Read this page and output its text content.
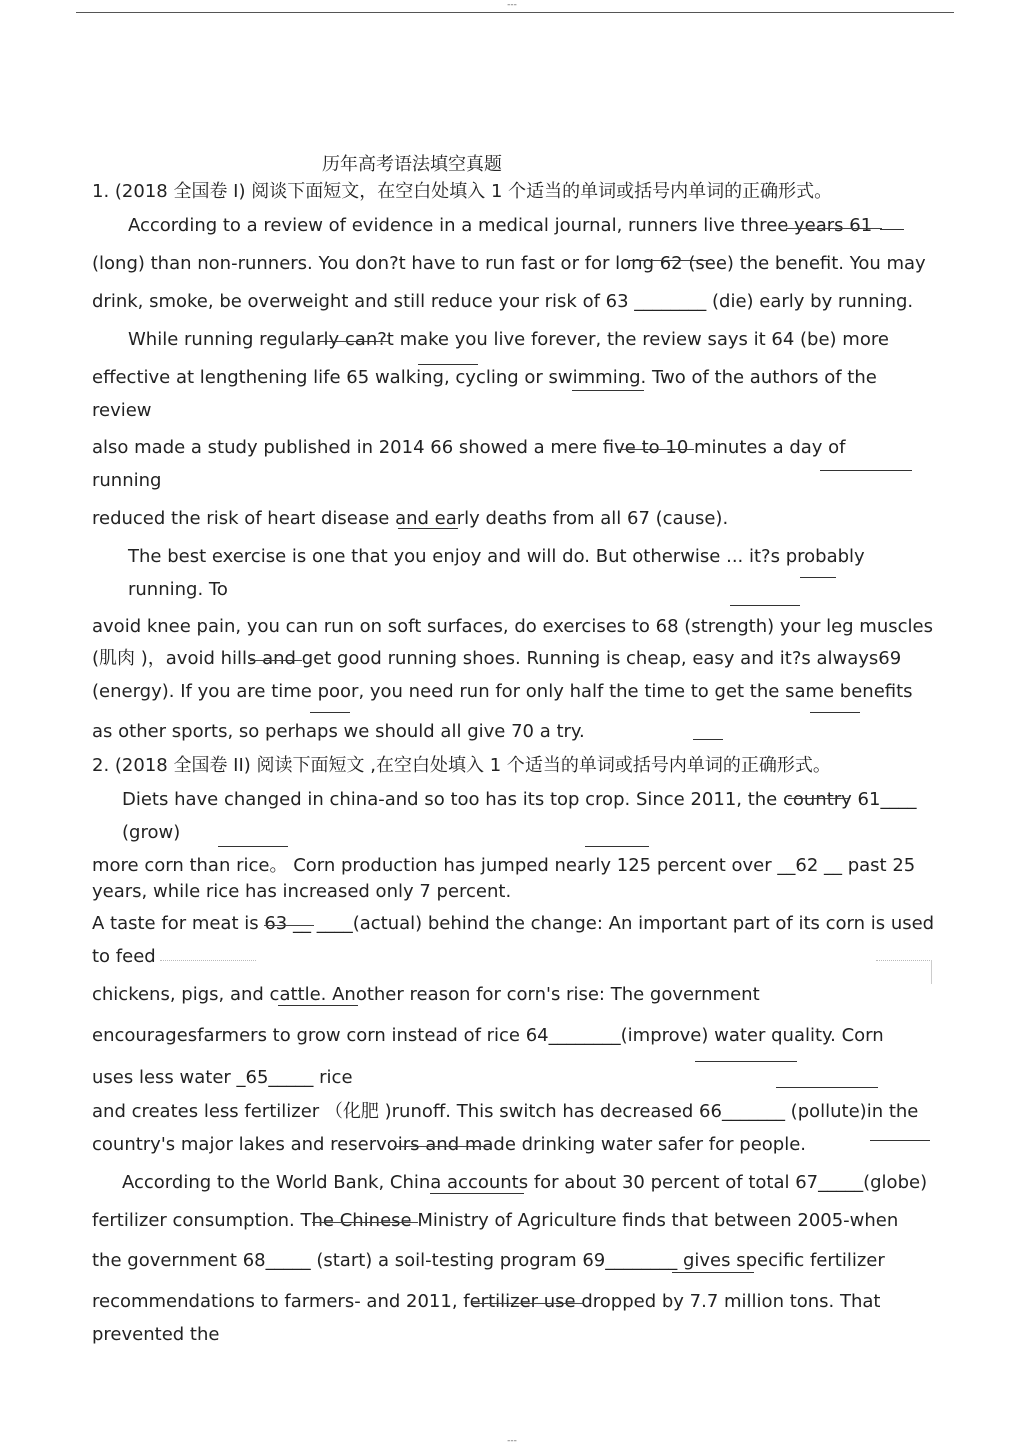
---
历年高考语法填空真题
1. (2018 全国卷 I) 阅谈下面短文，在空白处填入 1 个适当的单词或括号内单词的正确形式。
According to a review of evidence in a medical journal, runners live three years 61
(long) than non-runners. You don?t have to run fast or for long 62 (see) the benefit. You may
drink, smoke, be overweight and still reduce your risk of 63 ________ (die) early by running.
While running regularly can?t make you live forever, the review says it 64 (be) more
effective at lengthening life 65 walking, cycling or swimming. Two of the authors of the
review
also made a study published in 2014 66 showed a mere five to 10 minutes a day of
running
reduced the risk of heart disease and early deaths from all 67 (cause).
The best exercise is one that you enjoy and will do. But otherwise ... it?s probably
running. To
avoid knee pain, you can run on soft surfaces, do exercises to 68 (strength) your leg muscles
(肌肉 )，avoid hills and get good running shoes. Running is cheap, easy and it?s always69
(energy). If you are time poor, you need run for only half the time to get the same benefits
as other sports, so perhaps we should all give 70 a try.
2. (2018 全国卷 II) 阅读下面短文 ,在空白处填入 1 个适当的单词或括号内单词的正确形式。
Diets have changed in china-and so too has its top crop. Since 2011, the country 61____
(grow)
more corn than rice。 Corn production has jumped nearly 125 percent over __62 __ past 25
years, while rice has increased only 7 percent.
A taste for meat is 63 __ ____(actual) behind the change: An important part of its corn is used
to feed
chickens, pigs, and cattle. Another reason for corn's rise: The government
encouragesfarmers to grow corn instead of rice 64________(improve) water quality. Corn
uses less water _65_____ rice
and creates less fertilizer （化肥 )runoff. This switch has decreased 66_______ (pollute)in the
country's major lakes and reservoirs and made drinking water safer for people.
According to the World Bank, China accounts for about 30 percent of total 67_____(globe)
fertilizer consumption. The Chinese Ministry of Agriculture finds that between 2005-when
the government 68_____ (start) a soil-testing program 69________ gives specific fertilizer
recommendations to farmers- and 2011, fertilizer use dropped by 7.7 million tons. That
prevented the
---
